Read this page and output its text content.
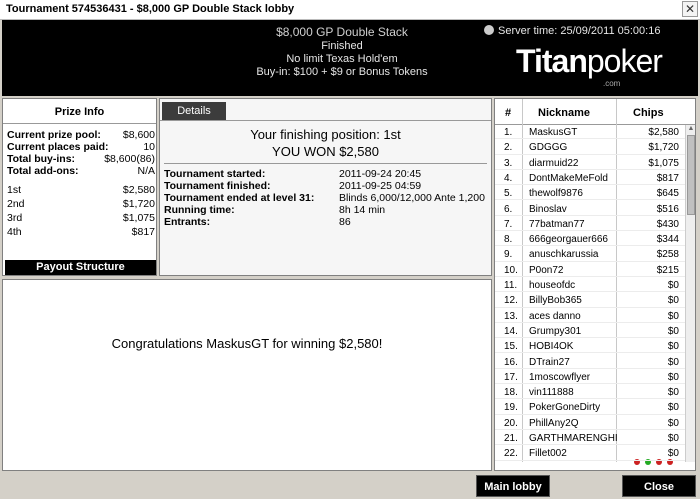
Tournament 574536431 - $8,000 GP Double Stack lobby	✕
$8,000 GP Double Stack
Finished
No limit Texas Hold'em
Buy-in: $100 + $9 or Bonus Tokens
Server time: 25/09/2011 05:00:16
Titanpoker
.com
Prize Info
Current prize pool: $8,600
Current places paid:	10
Total buy-ins:	$8,600(86)
Total add-ons:	N/A
1st	$2,580
2nd	$1,720
3rd	$1,075
4th	$817
Payout Structure
Details
Your finishing position: 1st
YOU WON $2,580
Tournament started:	2011-09-24 20:45
Tournament finished:	2011-09-25 04:59
Tournament ended at level 31: Blinds 6,000/12,000 Ante 1,200
Running time:	8h 14 min
Entrants:	86
Congratulations MaskusGT for winning $2,580!
# Nickname	Chips
▲
1. MaskusGT	$2,580
2. GDGGG	$1,720
3. diarmuid22	$1,075
4. DontMakeMeFold	$817
5. thewolf9876	$645
6. Binoslav	$516
7. 77batman77	$430
8. 666georgauer666	$344
9. anuschkarussia	$258
10. P0on72	$215
11. houseofdc	$0
12. BillyBob365	$0
13. aces danno	$0
14. Grumpy301	$0
15. HOBI4OK	$0
16. DTrain27	$0
17. 1moscowflyer	$0
18. vin111888	$0
19. PokerGoneDirty	$0
20. PhillAny2Q	$0
21. GARTHMARENGHI	$0
22. Fillet002	$0
Main lobby	Close
